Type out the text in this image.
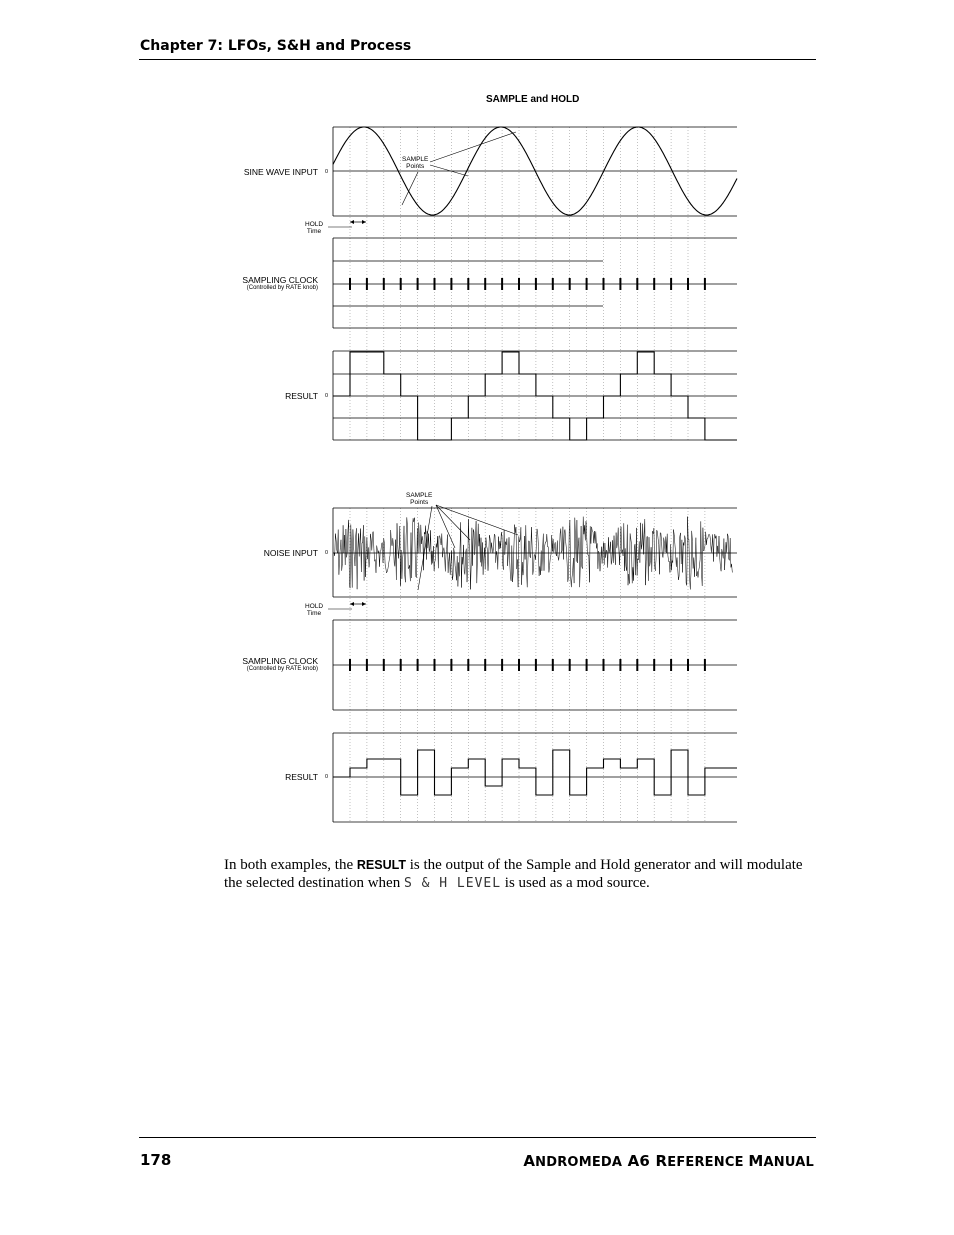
Chapter 7: LFOs, S&H and Process
SAMPLE and HOLD
SINE WAVE INPUT 0
SAMPLE
Points
HOLD
Time
SAMPLING CLOCK
(Controlled by RATE knob)
RESULT 0
SAMPLE
Points
NOISE INPUT 0
HOLD
Time
SAMPLING CLOCK
(Controlled by RATE knob)
RESULT 0
In both examples, the RESULT is the output of the Sample and Hold generator and will modulate the selected destination when S & H LEVEL is used as a mod source.
178	ANDROMEDA A6 REFERENCE MANUAL
